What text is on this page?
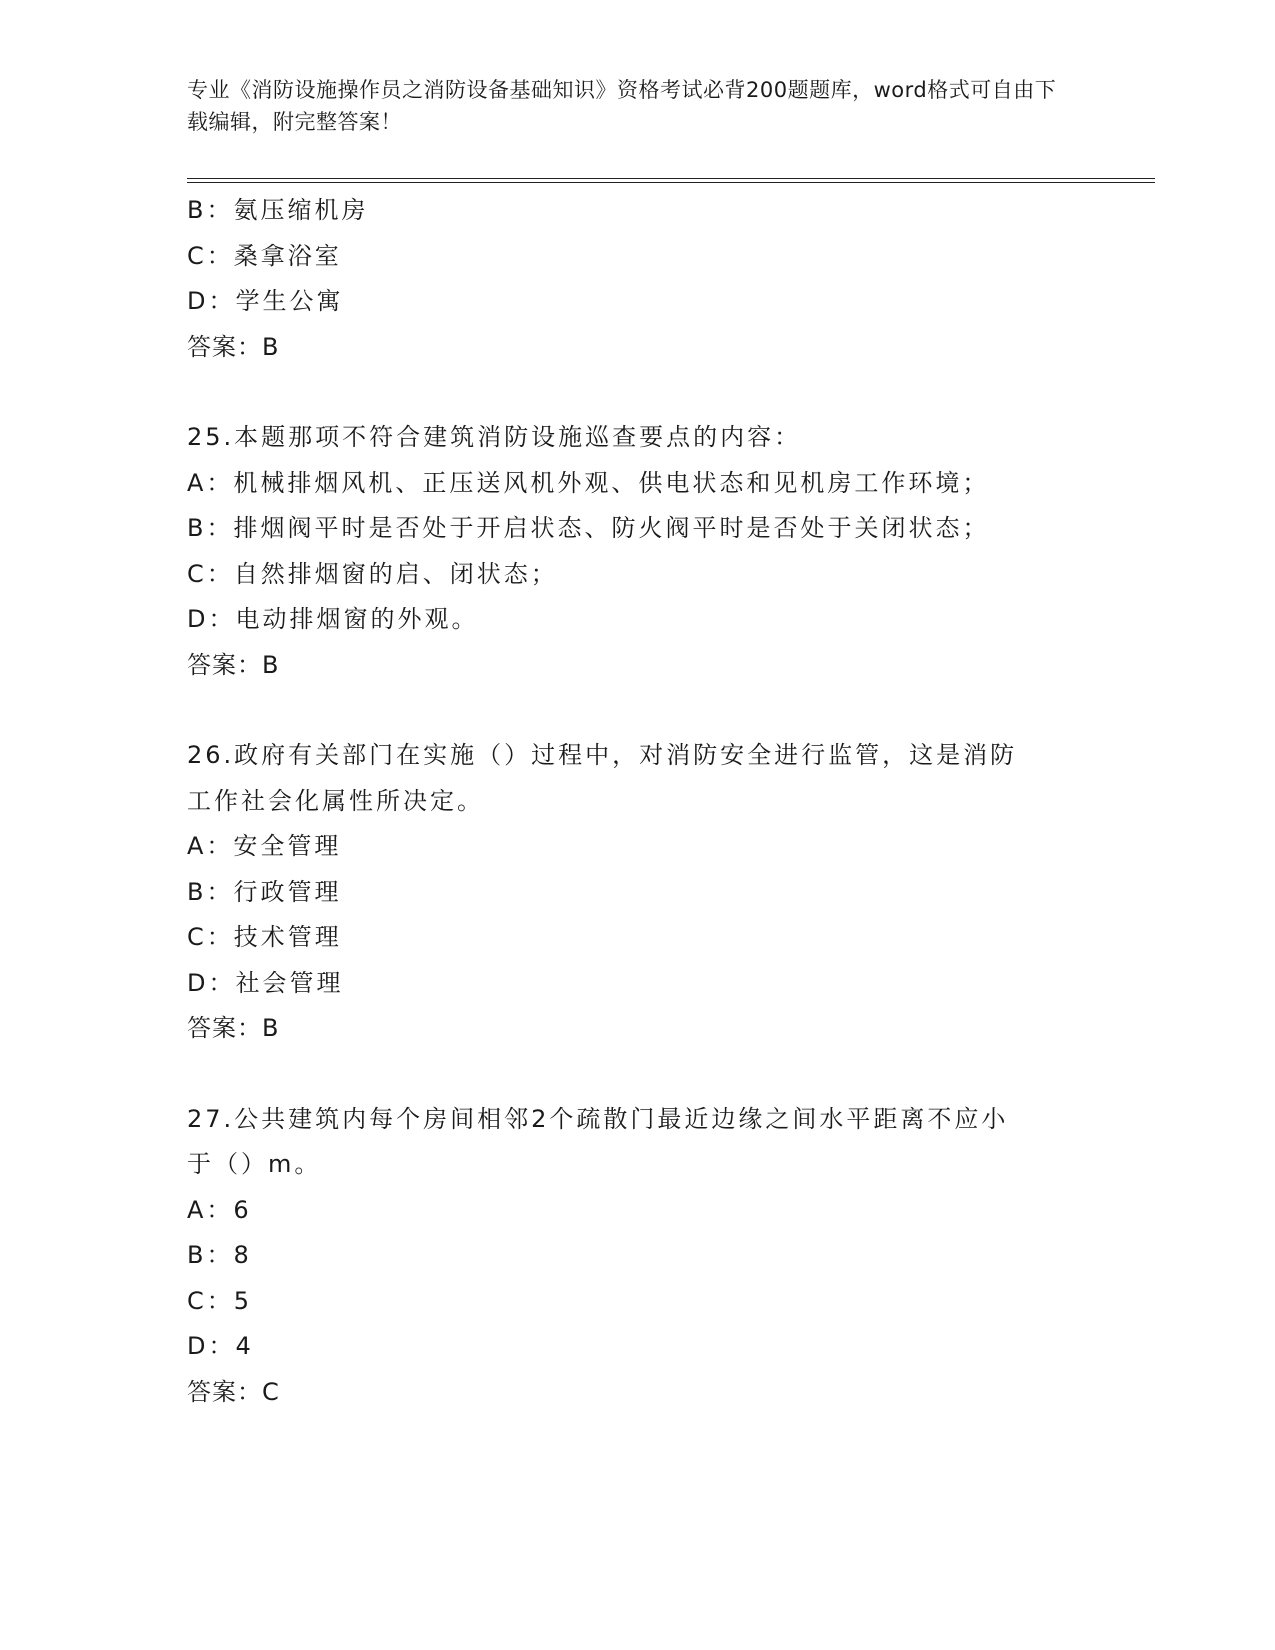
专业《消防设施操作员之消防设备基础知识》资格考试必背200题题库，word格式可自由下载编辑，附完整答案！

B：氨压缩机房
C：桑拿浴室
D：学生公寓
答案：B
25.本题那项不符合建筑消防设施巡查要点的内容：
A：机械排烟风机、正压送风机外观、供电状态和见机房工作环境；
B：排烟阀平时是否处于开启状态、防火阀平时是否处于关闭状态；
C：自然排烟窗的启、闭状态；
D：电动排烟窗的外观。
答案：B
26.政府有关部门在实施（）过程中，对消防安全进行监管，这是消防
工作社会化属性所决定。
A：安全管理
B：行政管理
C：技术管理
D：社会管理
答案：B
27.公共建筑内每个房间相邻2个疏散门最近边缘之间水平距离不应小
于（）m。
A：6
B：8
C：5
D：4
答案：C
